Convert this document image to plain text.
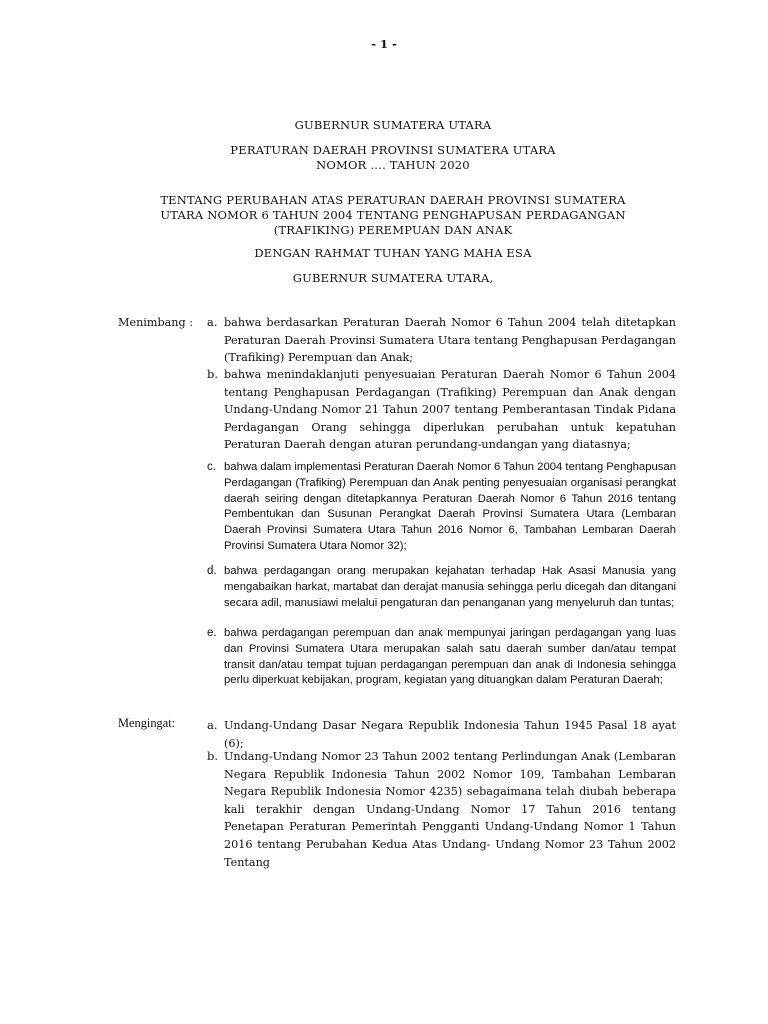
- 1 -
GUBERNUR SUMATERA UTARA
PERATURAN DAERAH PROVINSI SUMATERA UTARA
NOMOR …. TAHUN 2020
TENTANG PERUBAHAN ATAS PERATURAN DAERAH PROVINSI SUMATERA
UTARA NOMOR 6 TAHUN 2004 TENTANG PENGHAPUSAN PERDAGANGAN
(TRAFIKING) PEREMPUAN DAN ANAK
DENGAN RAHMAT TUHAN YANG MAHA ESA
GUBERNUR SUMATERA UTARA,
Menimbang : a. bahwa berdasarkan Peraturan Daerah Nomor 6 Tahun 2004 telah ditetapkan Peraturan Daerah Provinsi Sumatera Utara tentang Penghapusan Perdagangan (Trafiking) Perempuan dan Anak;
b. bahwa menindaklanjuti penyesuaian Peraturan Daerah Nomor 6 Tahun 2004 tentang Penghapusan Perdagangan (Trafiking) Perempuan dan Anak dengan Undang-Undang Nomor 21 Tahun 2007 tentang Pemberantasan Tindak Pidana Perdagangan Orang sehingga diperlukan perubahan untuk kepatuhan Peraturan Daerah dengan aturan perundang-undangan yang diatasnya;
c. bahwa dalam implementasi Peraturan Daerah Nomor 6 Tahun 2004 tentang Penghapusan Perdagangan (Trafiking) Perempuan dan Anak penting penyesuaian organisasi perangkat daerah seiring dengan ditetapkannya Peraturan Daerah Nomor 6 Tahun 2016 tentang Pembentukan dan Susunan Perangkat Daerah Provinsi Sumatera Utara (Lembaran Daerah Provinsi Sumatera Utara Tahun 2016 Nomor 6, Tambahan Lembaran Daerah Provinsi Sumatera Utara Nomor 32);
d. bahwa perdagangan orang merupakan kejahatan terhadap Hak Asasi Manusia yang mengabaikan harkat, martabat dan derajat manusia sehingga perlu dicegah dan ditangani secara adil, manusiawi melalui pengaturan dan penanganan yang menyeluruh dan tuntas;
e. bahwa perdagangan perempuan dan anak mempunyai jaringan perdagangan yang luas dan Provinsi Sumatera Utara merupakan salah satu daerah sumber dan/atau tempat transit dan/atau tempat tujuan perdagangan perempuan dan anak di Indonesia sehingga perlu diperkuat kebijakan, program, kegiatan yang dituangkan dalam Peraturan Daerah;
Mengingat:	a. Undang-Undang Dasar Negara Republik Indonesia Tahun 1945 Pasal 18 ayat (6);
b. Undang-Undang Nomor 23 Tahun 2002 tentang Perlindungan Anak (Lembaran Negara Republik Indonesia Tahun 2002 Nomor 109, Tambahan Lembaran Negara Republik Indonesia Nomor 4235) sebagaimana telah diubah beberapa kali terakhir dengan Undang-Undang Nomor 17 Tahun 2016 tentang Penetapan Peraturan Pemerintah Pengganti Undang-Undang Nomor 1 Tahun 2016 tentang Perubahan Kedua Atas Undang- Undang Nomor 23 Tahun 2002 Tentang
